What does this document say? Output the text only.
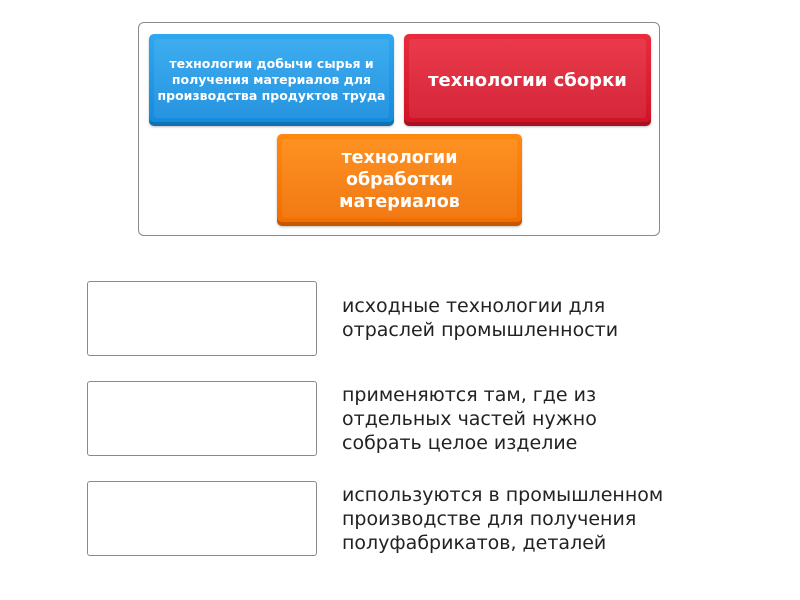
технологии добычи сырья и получения материалов для производства продуктов труда
технологии сборки
технологии обработки материалов
исходные технологии для
отраслей промышленности
применяются там, где из
отдельных частей нужно
собрать целое изделие
используются в промышленном
производстве для получения
полуфабрикатов, деталей
